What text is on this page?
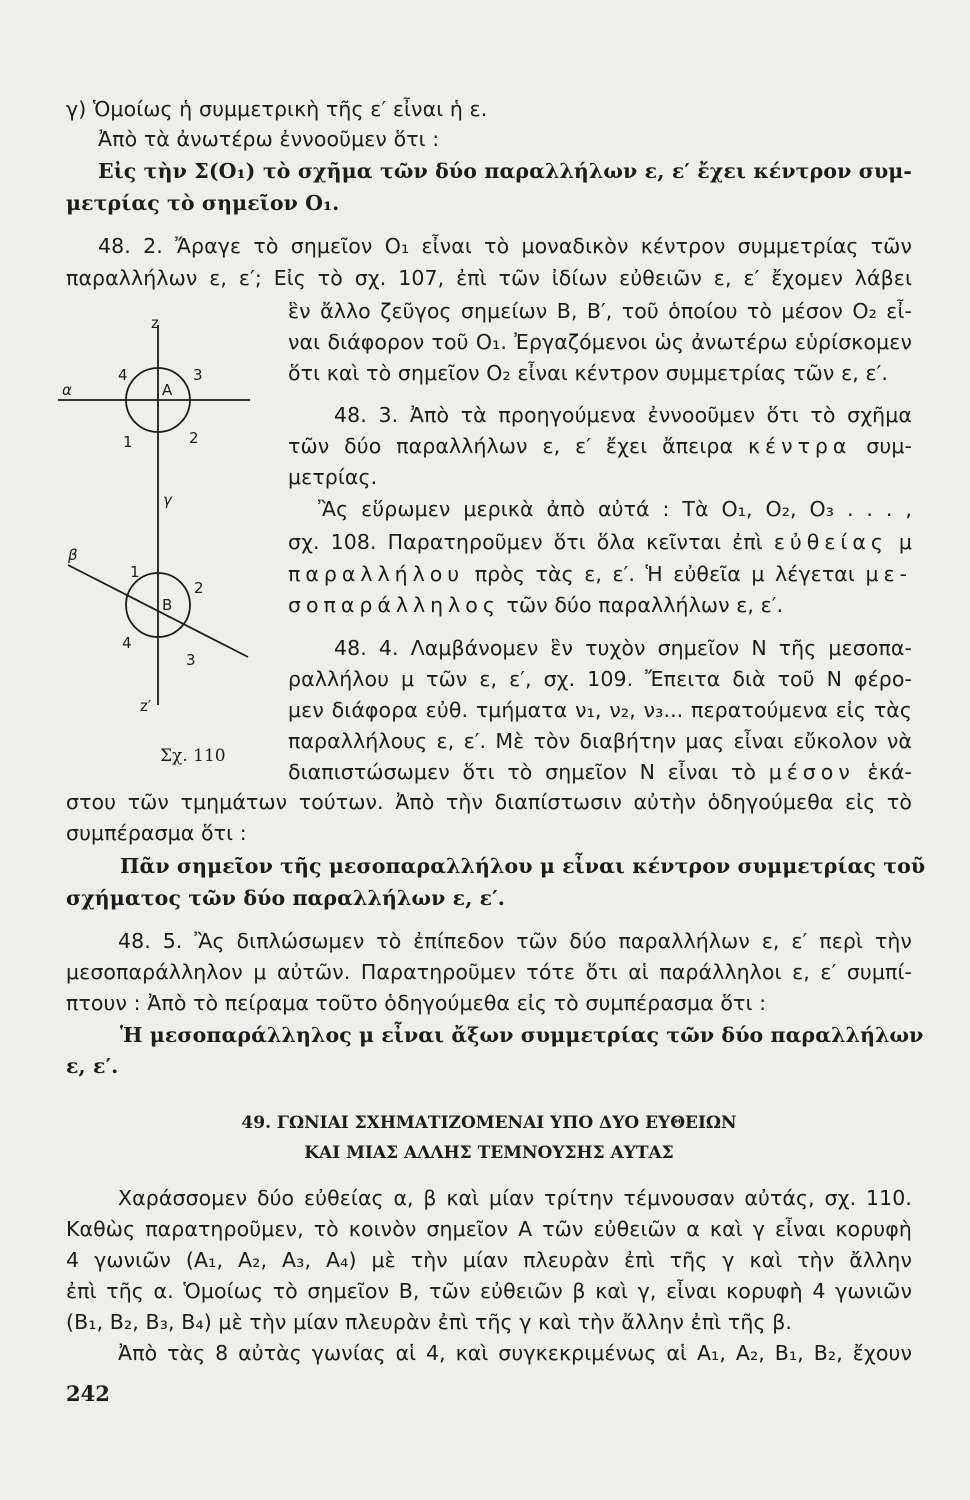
γ) Ὁμοίως ἡ συμμετρικὴ τῆς ε′ εἶναι ἡ ε.
Ἀπὸ τὰ ἀνωτέρω ἐννοοῦμεν ὅτι :
Εἰς τὴν Σ(Ο₁) τὸ σχῆμα τῶν δύο παραλλήλων ε, ε′ ἔχει κέντρον συμ-
μετρίας τὸ σημεῖον Ο₁.
48. 2. Ἄραγε τὸ σημεῖον Ο₁ εἶναι τὸ μοναδικὸν κέντρον συμμετρίας τῶν
παραλλήλων ε, ε′; Εἰς τὸ σχ. 107, ἐπὶ τῶν ἰδίων εὐθειῶν ε, ε′ ἔχομεν λάβει
ἓν ἄλλο ζεῦγος σημείων Β, Β′, τοῦ ὁποίου τὸ μέσον Ο₂ εἶ-
ναι διάφορον τοῦ Ο₁. Ἐργαζόμενοι ὡς ἀνωτέρω εὑρίσκομεν
ὅτι καὶ τὸ σημεῖον Ο₂ εἶναι κέντρον συμμετρίας τῶν ε, ε′.
48. 3. Ἀπὸ τὰ προηγούμενα ἐννοοῦμεν ὅτι τὸ σχῆμα
τῶν δύο παραλλήλων ε, ε′ ἔχει ἄπειρα κέντρα συμ-
μετρίας.
Ἂς εὕρωμεν μερικὰ ἀπὸ αὐτά : Τὰ Ο₁, Ο₂, Ο₃ . . . ,
σχ. 108. Παρατηροῦμεν ὅτι ὅλα κεῖνται ἐπὶ εὐθείας μ
παραλλήλου πρὸς τὰς ε, ε′. Ἡ εὐθεῖα μ λέγεται με-
σοπαράλληλος τῶν δύο παραλλήλων ε, ε′.
48. 4. Λαμβάνομεν ἓν τυχὸν σημεῖον Ν τῆς μεσοπα-
ραλλήλου μ τῶν ε, ε′, σχ. 109. Ἔπειτα διὰ τοῦ Ν φέρο-
μεν διάφορα εὐθ. τμήματα ν₁, ν₂, ν₃... περατούμενα εἰς τὰς
παραλλήλους ε, ε′. Μὲ τὸν διαβήτην μας εἶναι εὔκολον νὰ
διαπιστώσωμεν ὅτι τὸ σημεῖον Ν εἶναι τὸ μέσον ἑκά-
στου τῶν τμημάτων τούτων. Ἀπὸ τὴν διαπίστωσιν αὐτὴν ὁδηγούμεθα εἰς τὸ
συμπέρασμα ὅτι :
Πᾶν σημεῖον τῆς μεσοπαραλλήλου μ εἶναι κέντρον συμμετρίας τοῦ
σχήματος τῶν δύο παραλλήλων ε, ε′.
48. 5. Ἂς διπλώσωμεν τὸ ἐπίπεδον τῶν δύο παραλλήλων ε, ε′ περὶ τὴν
μεσοπαράλληλον μ αὐτῶν. Παρατηροῦμεν τότε ὅτι αἱ παράλληλοι ε, ε′ συμπί-
πτουν : Ἀπὸ τὸ πείραμα τοῦτο ὁδηγούμεθα εἰς τὸ συμπέρασμα ὅτι :
Ἡ μεσοπαράλληλος μ εἶναι ἄξων συμμετρίας τῶν δύο παραλλήλων
ε, ε′.
49. ΓΩΝΙΑΙ ΣΧΗΜΑΤΙΖΟΜΕΝΑΙ ΥΠΟ ΔΥΟ ΕΥΘΕΙΩΝ
ΚΑΙ ΜΙΑΣ ΑΛΛΗΣ ΤΕΜΝΟΥΣΗΣ ΑΥΤΑΣ
Χαράσσομεν δύο εὐθείας α, β καὶ μίαν τρίτην τέμνουσαν αὐτάς, σχ. 110.
Καθὼς παρατηροῦμεν, τὸ κοινὸν σημεῖον Α τῶν εὐθειῶν α καὶ γ εἶναι κορυφὴ
4 γωνιῶν (Α₁, Α₂, Α₃, Α₄) μὲ τὴν μίαν πλευρὰν ἐπὶ τῆς γ καὶ τὴν ἄλλην
ἐπὶ τῆς α. Ὁμοίως τὸ σημεῖον Β, τῶν εὐθειῶν β καὶ γ, εἶναι κορυφὴ 4 γωνιῶν
(Β₁, Β₂, Β₃, Β₄) μὲ τὴν μίαν πλευρὰν ἐπὶ τῆς γ καὶ τὴν ἄλλην ἐπὶ τῆς β.
Ἀπὸ τὰς 8 αὐτὰς γωνίας αἱ 4, καὶ συγκεκριμένως αἱ Α₁, Α₂, Β₁, Β₂, ἔχουν
z
z′
α
β
γ
A
B
4	3
1	2
1
2
3
4
Σχ. 110
242
